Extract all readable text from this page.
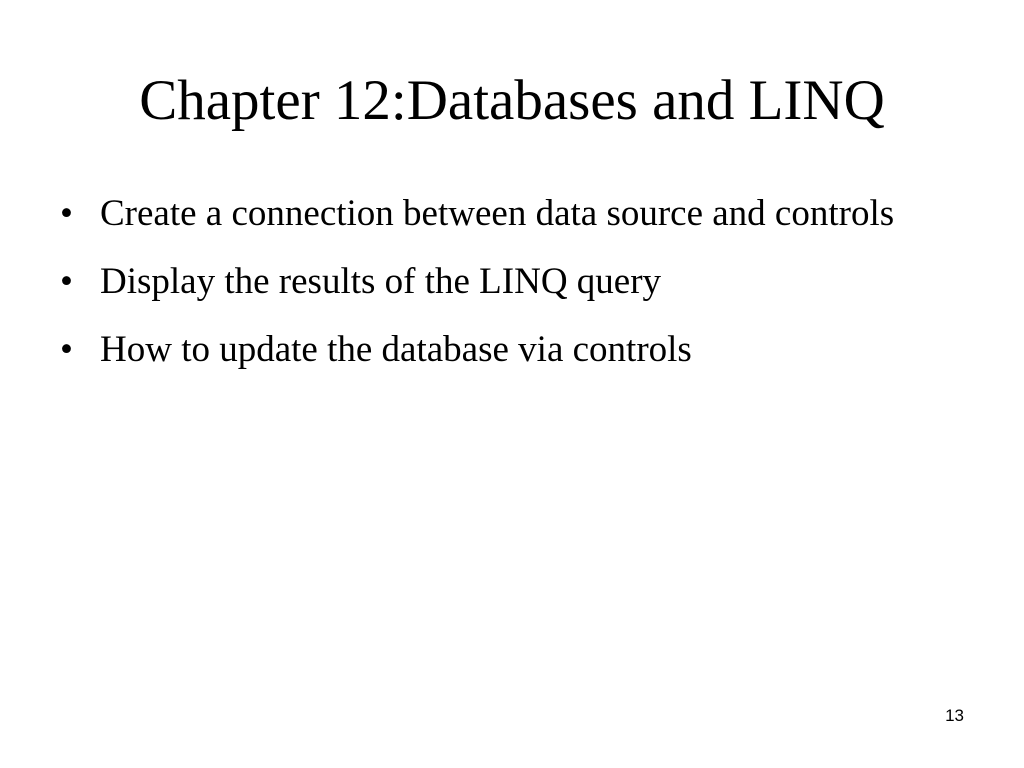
Chapter 12:Databases and LINQ
• Create a connection between data source and controls
• Display the results of the LINQ query
• How to update the database via controls
13
